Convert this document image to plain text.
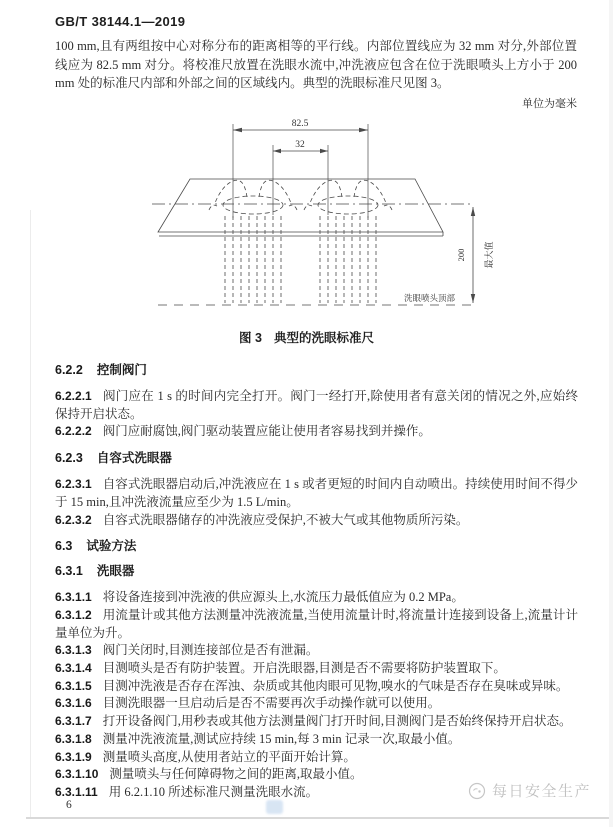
GB/T 38144.1—2019
100 mm,且有两组按中心对称分布的距离相等的平行线。内部位置线应为 32 mm 对分,外部位置线应为 82.5 mm 对分。将校准尺放置在洗眼水流中,冲洗液应包含在位于洗眼喷头上方小于 200 mm 处的标准尺内部和外部之间的区域线内。典型的洗眼标准尺见图 3。
单位为毫米
82.5
32
200 最大值
洗眼喷头顶部
图 3 典型的洗眼标准尺
6.2.2 控制阀门
6.2.2.1 阀门应在 1 s 的时间内完全打开。阀门一经打开,除使用者有意关闭的情况之外,应始终保持开启状态。
6.2.2.2 阀门应耐腐蚀,阀门驱动装置应能让使用者容易找到并操作。
6.2.3 自容式洗眼器
6.2.3.1 自容式洗眼器启动后,冲洗液应在 1 s 或者更短的时间内自动喷出。持续使用时间不得少于 15 min,且冲洗液流量应至少为 1.5 L/min。
6.2.3.2 自容式洗眼器储存的冲洗液应受保护,不被大气或其他物质所污染。
6.3 试验方法
6.3.1 洗眼器
6.3.1.1 将设备连接到冲洗液的供应源头上,水流压力最低值应为 0.2 MPa。
6.3.1.2 用流量计或其他方法测量冲洗液流量,当使用流量计时,将流量计连接到设备上,流量计计量单位为升。
6.3.1.3 阀门关闭时,目测连接部位是否有泄漏。
6.3.1.4 目测喷头是否有防护装置。开启洗眼器,目测是否不需要将防护装置取下。
6.3.1.5 目测冲洗液是否存在浑浊、杂质或其他肉眼可见物,嗅水的气味是否存在臭味或异味。
6.3.1.6 目测洗眼器一旦启动后是否不需要再次手动操作就可以使用。
6.3.1.7 打开设备阀门,用秒表或其他方法测量阀门打开时间,目测阀门是否始终保持开启状态。
6.3.1.8 测量冲洗液流量,测试应持续 15 min,每 3 min 记录一次,取最小值。
6.3.1.9 测量喷头高度,从使用者站立的平面开始计算。
6.3.1.10 测量喷头与任何障碍物之间的距离,取最小值。
6.3.1.11 用 6.2.1.10 所述标准尺测量洗眼水流。
6
每日安全生产
